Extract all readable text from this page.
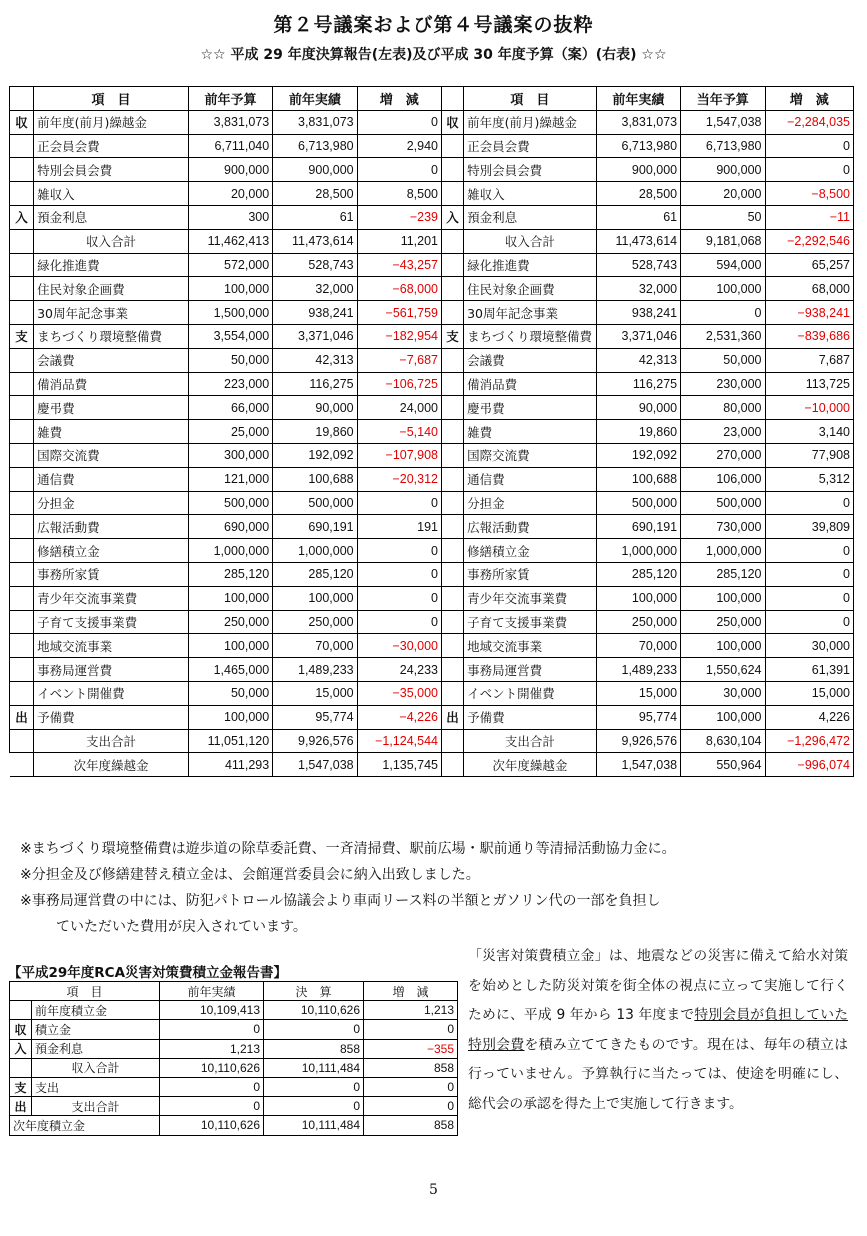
第２号議案および第４号議案の抜粋
☆☆ 平成 29 年度決算報告(左表)及び平成 30 年度予算（案）(右表) ☆☆
	項　目	前年予算	前年実績	増　減		項　目	前年実績	当年予算	増　減
収	前年度(前月)繰越金	3,831,073	3,831,073	0	収	前年度(前月)繰越金	3,831,073	1,547,038	−2,284,035
	正会員会費	6,711,040	6,713,980	2,940		正会員会費	6,713,980	6,713,980	0
	特別会員会費	900,000	900,000	0		特別会員会費	900,000	900,000	0
	雑収入	20,000	28,500	8,500		雑収入	28,500	20,000	−8,500
入	預金利息	300	61	−239	入	預金利息	61	50	−11
	収入合計	11,462,413	11,473,614	11,201		収入合計	11,473,614	9,181,068	−2,292,546
	緑化推進費	572,000	528,743	−43,257		緑化推進費	528,743	594,000	65,257
	住民対象企画費	100,000	32,000	−68,000		住民対象企画費	32,000	100,000	68,000
	30周年記念事業	1,500,000	938,241	−561,759		30周年記念事業	938,241	0	−938,241
支	まちづくり環境整備費	3,554,000	3,371,046	−182,954	支	まちづくり環境整備費	3,371,046	2,531,360	−839,686
	会議費	50,000	42,313	−7,687		会議費	42,313	50,000	7,687
	備消品費	223,000	116,275	−106,725		備消品費	116,275	230,000	113,725
	慶弔費	66,000	90,000	24,000		慶弔費	90,000	80,000	−10,000
	雑費	25,000	19,860	−5,140		雑費	19,860	23,000	3,140
	国際交流費	300,000	192,092	−107,908		国際交流費	192,092	270,000	77,908
	通信費	121,000	100,688	−20,312		通信費	100,688	106,000	5,312
	分担金	500,000	500,000	0		分担金	500,000	500,000	0
	広報活動費	690,000	690,191	191		広報活動費	690,191	730,000	39,809
	修繕積立金	1,000,000	1,000,000	0		修繕積立金	1,000,000	1,000,000	0
	事務所家賃	285,120	285,120	0		事務所家賃	285,120	285,120	0
	青少年交流事業費	100,000	100,000	0		青少年交流事業費	100,000	100,000	0
	子育て支援事業費	250,000	250,000	0		子育て支援事業費	250,000	250,000	0
	地域交流事業	100,000	70,000	−30,000		地域交流事業	70,000	100,000	30,000
	事務局運営費	1,465,000	1,489,233	24,233		事務局運営費	1,489,233	1,550,624	61,391
	イベント開催費	50,000	15,000	−35,000		イベント開催費	15,000	30,000	15,000
出	予備費	100,000	95,774	−4,226	出	予備費	95,774	100,000	4,226
	支出合計	11,051,120	9,926,576	−1,124,544		支出合計	9,926,576	8,630,104	−1,296,472
	次年度繰越金	411,293	1,547,038	1,135,745		次年度繰越金	1,547,038	550,964	−996,074
※まちづくり環境整備費は遊歩道の除草委託費、一斉清掃費、駅前広場・駅前通り等清掃活動協力金に。
※分担金及び修繕建替え積立金は、会館運営委員会に納入出致しました。
※事務局運営費の中には、防犯パトロール協議会より車両リース料の半額とガソリン代の一部を負担し
ていただいた費用が戻入されています。
【平成29年度RCA災害対策費積立金報告書】
項　目		前年実績	決　算	増　減
	前年度積立金	10,109,413	10,110,626	1,213
収	積立金	0	0	0
入	預金利息	1,213	858	−355
	収入合計	10,110,626	10,111,484	858
支	支出	0	0	0
出	支出合計	0	0	0
次年度積立金		10,110,626	10,111,484	858
「災害対策費積立金」は、地震などの災害に備えて給水対策を始めとした防災対策を街全体の視点に立って実施して行くために、平成 9 年から 13 年度まで特別会員が負担していた特別会費を積み立ててきたものです。現在は、毎年の積立は行っていません。予算執行に当たっては、使途を明確にし、総代会の承認を得た上で実施して行きます。
5
